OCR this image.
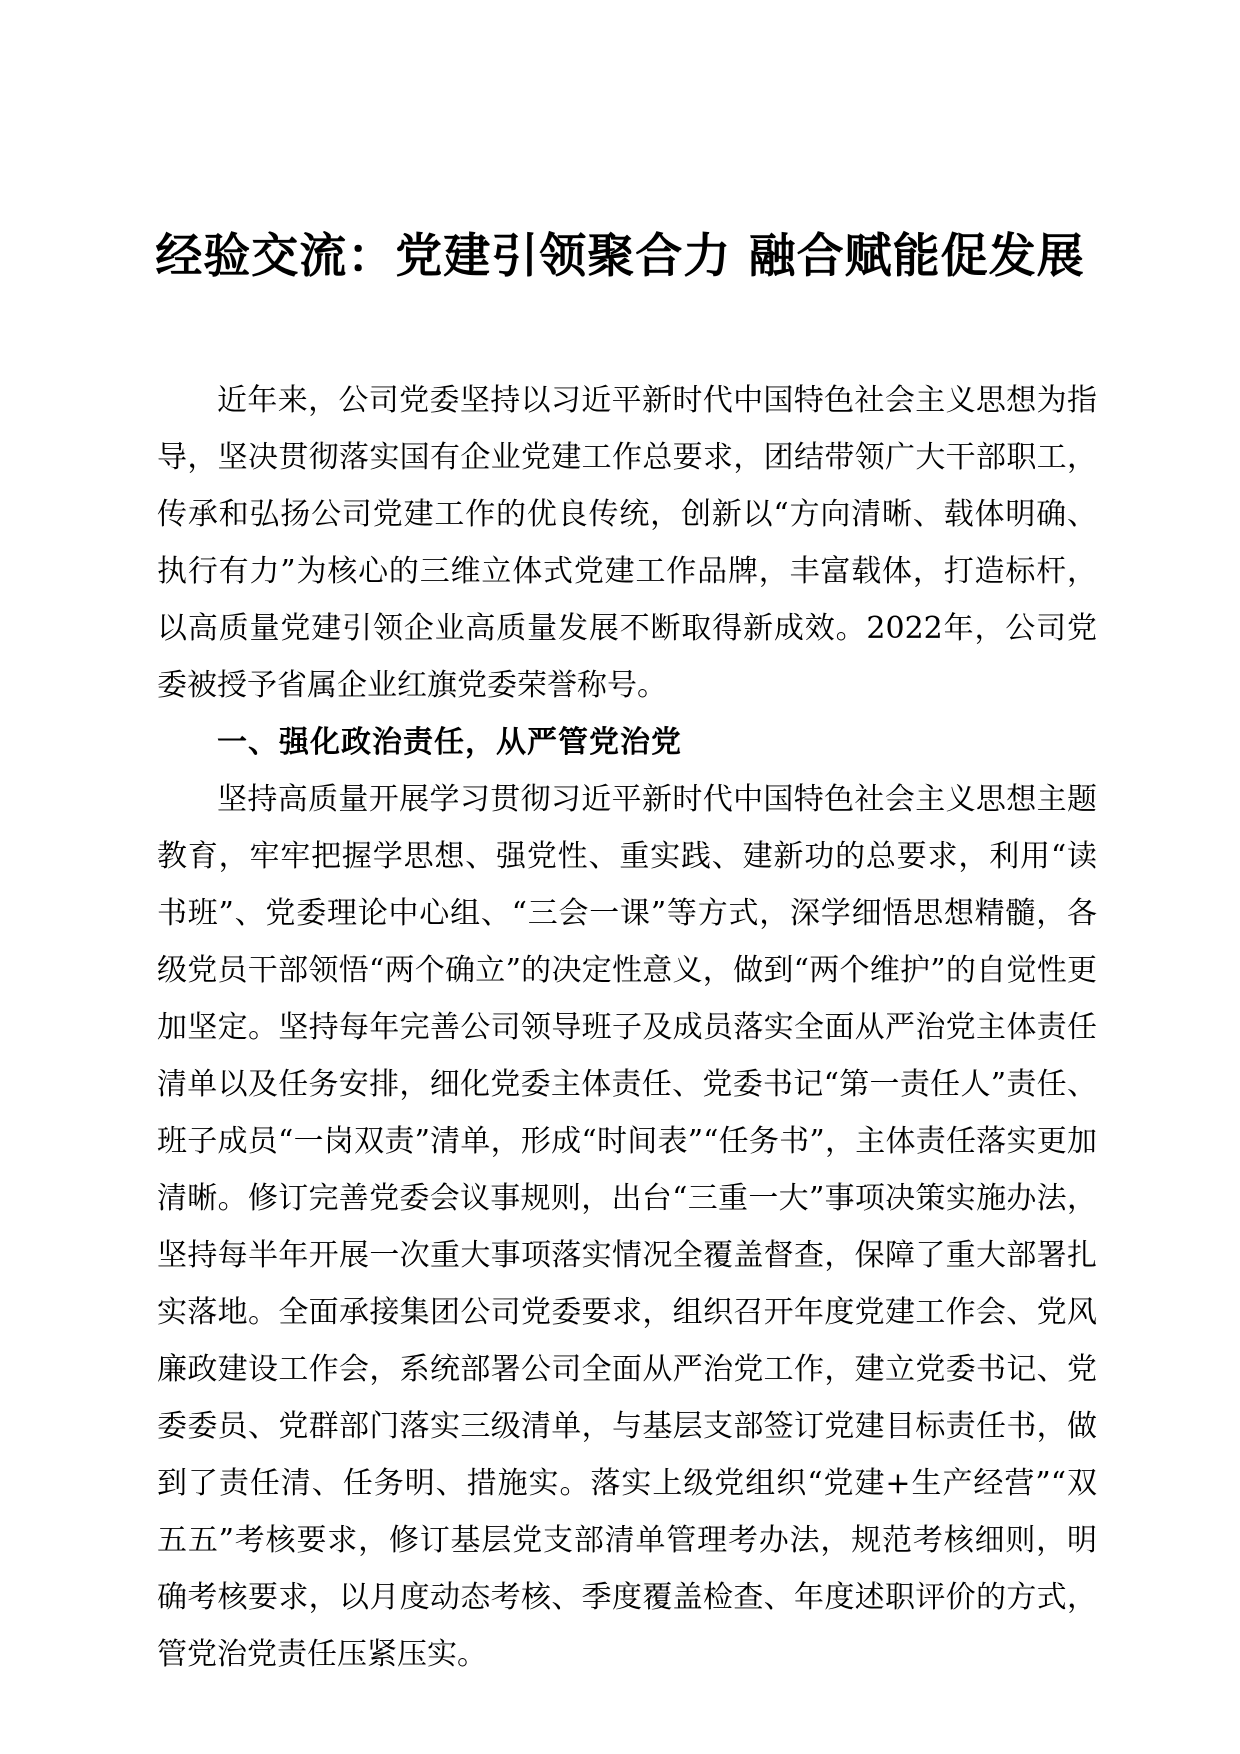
经验交流：党建引领聚合力 融合赋能促发展

近年来，公司党委坚持以习近平新时代中国特色社会主义思想为指导，坚决贯彻落实国有企业党建工作总要求，团结带领广大干部职工，传承和弘扬公司党建工作的优良传统，创新以“方向清晰、载体明确、执行有力”为核心的三维立体式党建工作品牌，丰富载体，打造标杆，以高质量党建引领企业高质量发展不断取得新成效。2022年，公司党委被授予省属企业红旗党委荣誉称号。

一、强化政治责任，从严管党治党

坚持高质量开展学习贯彻习近平新时代中国特色社会主义思想主题教育，牢牢把握学思想、强党性、重实践、建新功的总要求，利用“读书班”、党委理论中心组、“三会一课”等方式，深学细悟思想精髓，各级党员干部领悟“两个确立”的决定性意义，做到“两个维护”的自觉性更加坚定。坚持每年完善公司领导班子及成员落实全面从严治党主体责任清单以及任务安排，细化党委主体责任、党委书记“第一责任人”责任、班子成员“一岗双责”清单，形成“时间表”“任务书”，主体责任落实更加清晰。修订完善党委会议事规则，出台“三重一大”事项决策实施办法，坚持每半年开展一次重大事项落实情况全覆盖督查，保障了重大部署扎实落地。全面承接集团公司党委要求，组织召开年度党建工作会、党风廉政建设工作会，系统部署公司全面从严治党工作，建立党委书记、党委委员、党群部门落实三级清单，与基层支部签订党建目标责任书，做到了责任清、任务明、措施实。落实上级党组织“党建+生产经营”“双五五”考核要求，修订基层党支部清单管理考办法，规范考核细则，明确考核要求，以月度动态考核、季度覆盖检查、年度述职评价的方式，管党治党责任压紧压实。
